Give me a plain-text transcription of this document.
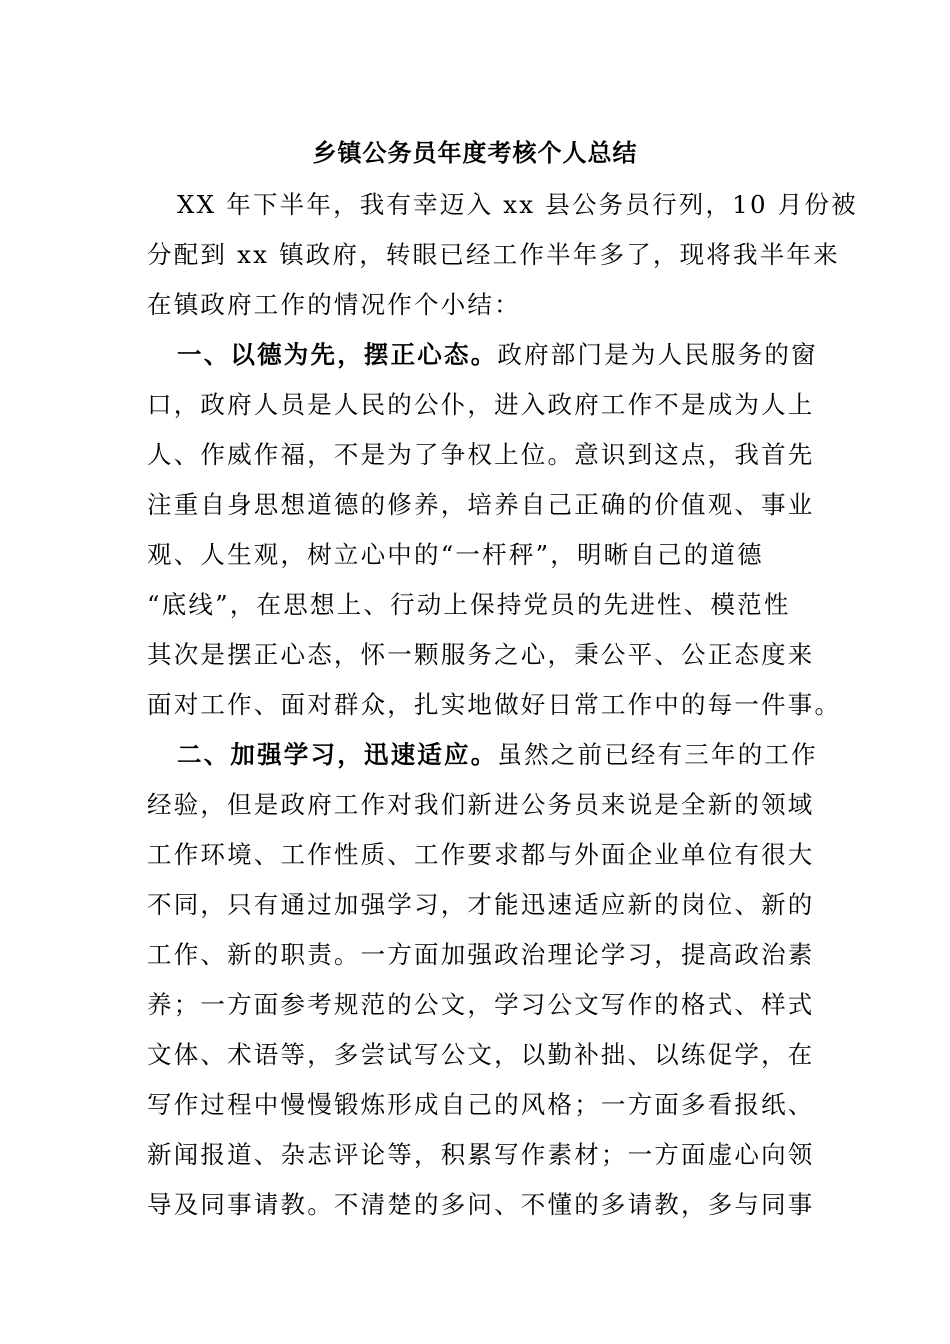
乡镇公务员年度考核个人总结
XX 年下半年，我有幸迈入 xx 县公务员行列，10 月份被
分配到 xx 镇政府，转眼已经工作半年多了，现将我半年来
在镇政府工作的情况作个小结：
一、以德为先，摆正心态。政府部门是为人民服务的窗
口，政府人员是人民的公仆，进入政府工作不是成为人上
人、作威作福，不是为了争权上位。意识到这点，我首先
注重自身思想道德的修养，培养自己正确的价值观、事业
观、人生观，树立心中的“一杆秤”，明晰自己的道德
“底线”，在思想上、行动上保持党员的先进性、模范性
其次是摆正心态，怀一颗服务之心，秉公平、公正态度来
面对工作、面对群众，扎实地做好日常工作中的每一件事。
二、加强学习，迅速适应。虽然之前已经有三年的工作
经验，但是政府工作对我们新进公务员来说是全新的领域
工作环境、工作性质、工作要求都与外面企业单位有很大
不同，只有通过加强学习，才能迅速适应新的岗位、新的
工作、新的职责。一方面加强政治理论学习，提高政治素
养；一方面参考规范的公文，学习公文写作的格式、样式
文体、术语等，多尝试写公文，以勤补拙、以练促学，在
写作过程中慢慢锻炼形成自己的风格；一方面多看报纸、
新闻报道、杂志评论等，积累写作素材；一方面虚心向领
导及同事请教。不清楚的多问、不懂的多请教，多与同事
